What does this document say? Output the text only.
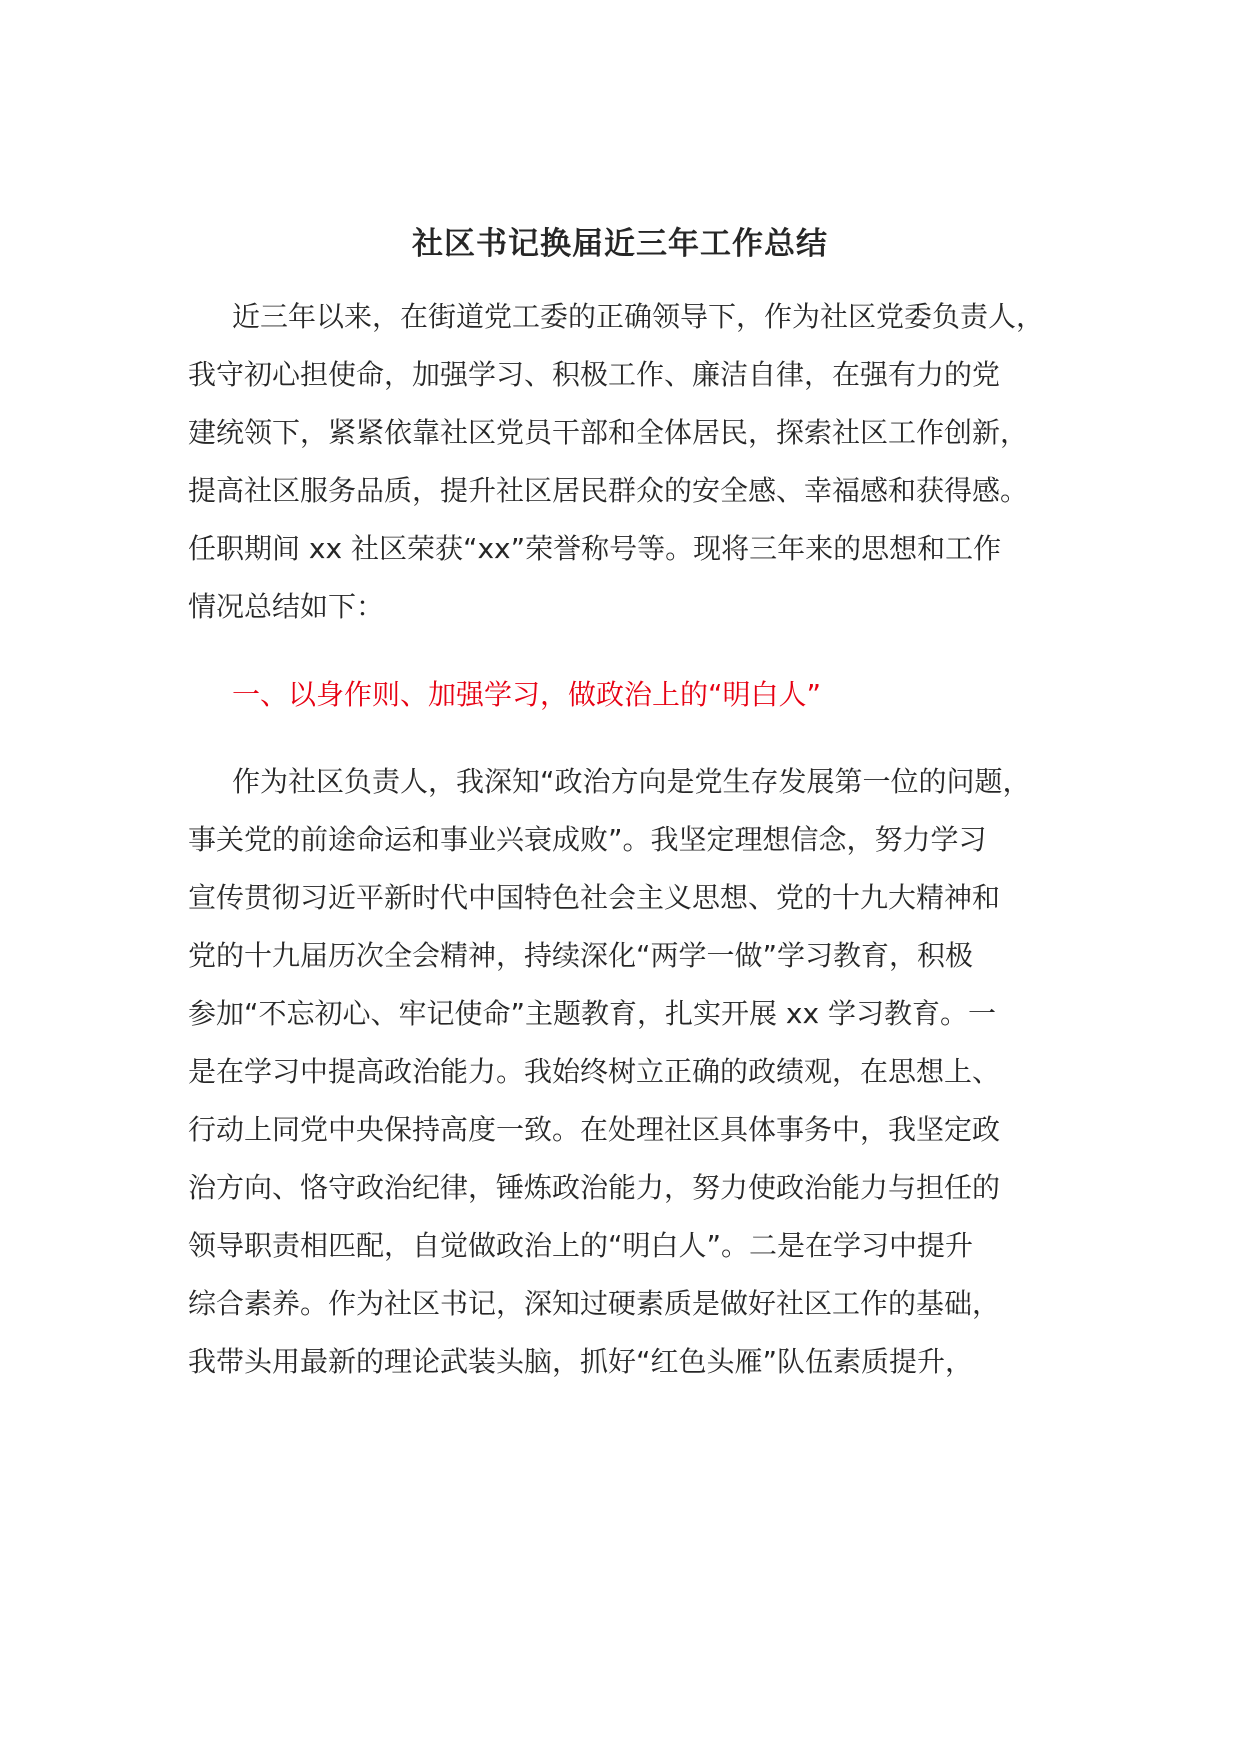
社区书记换届近三年工作总结
近三年以来，在街道党工委的正确领导下，作为社区党委负责人，
我守初心担使命，加强学习、积极工作、廉洁自律，在强有力的党
建统领下，紧紧依靠社区党员干部和全体居民，探索社区工作创新，
提高社区服务品质，提升社区居民群众的安全感、幸福感和获得感。
任职期间 xx 社区荣获“xx”荣誉称号等。现将三年来的思想和工作
情况总结如下：
一、以身作则、加强学习，做政治上的“明白人”
作为社区负责人，我深知“政治方向是党生存发展第一位的问题，
事关党的前途命运和事业兴衰成败”。我坚定理想信念，努力学习
宣传贯彻习近平新时代中国特色社会主义思想、党的十九大精神和
党的十九届历次全会精神，持续深化“两学一做”学习教育，积极
参加“不忘初心、牢记使命”主题教育，扎实开展 xx 学习教育。一
是在学习中提高政治能力。我始终树立正确的政绩观，在思想上、
行动上同党中央保持高度一致。在处理社区具体事务中，我坚定政
治方向、恪守政治纪律，锤炼政治能力，努力使政治能力与担任的
领导职责相匹配，自觉做政治上的“明白人”。二是在学习中提升
综合素养。作为社区书记，深知过硬素质是做好社区工作的基础，
我带头用最新的理论武装头脑，抓好“红色头雁”队伍素质提升，
